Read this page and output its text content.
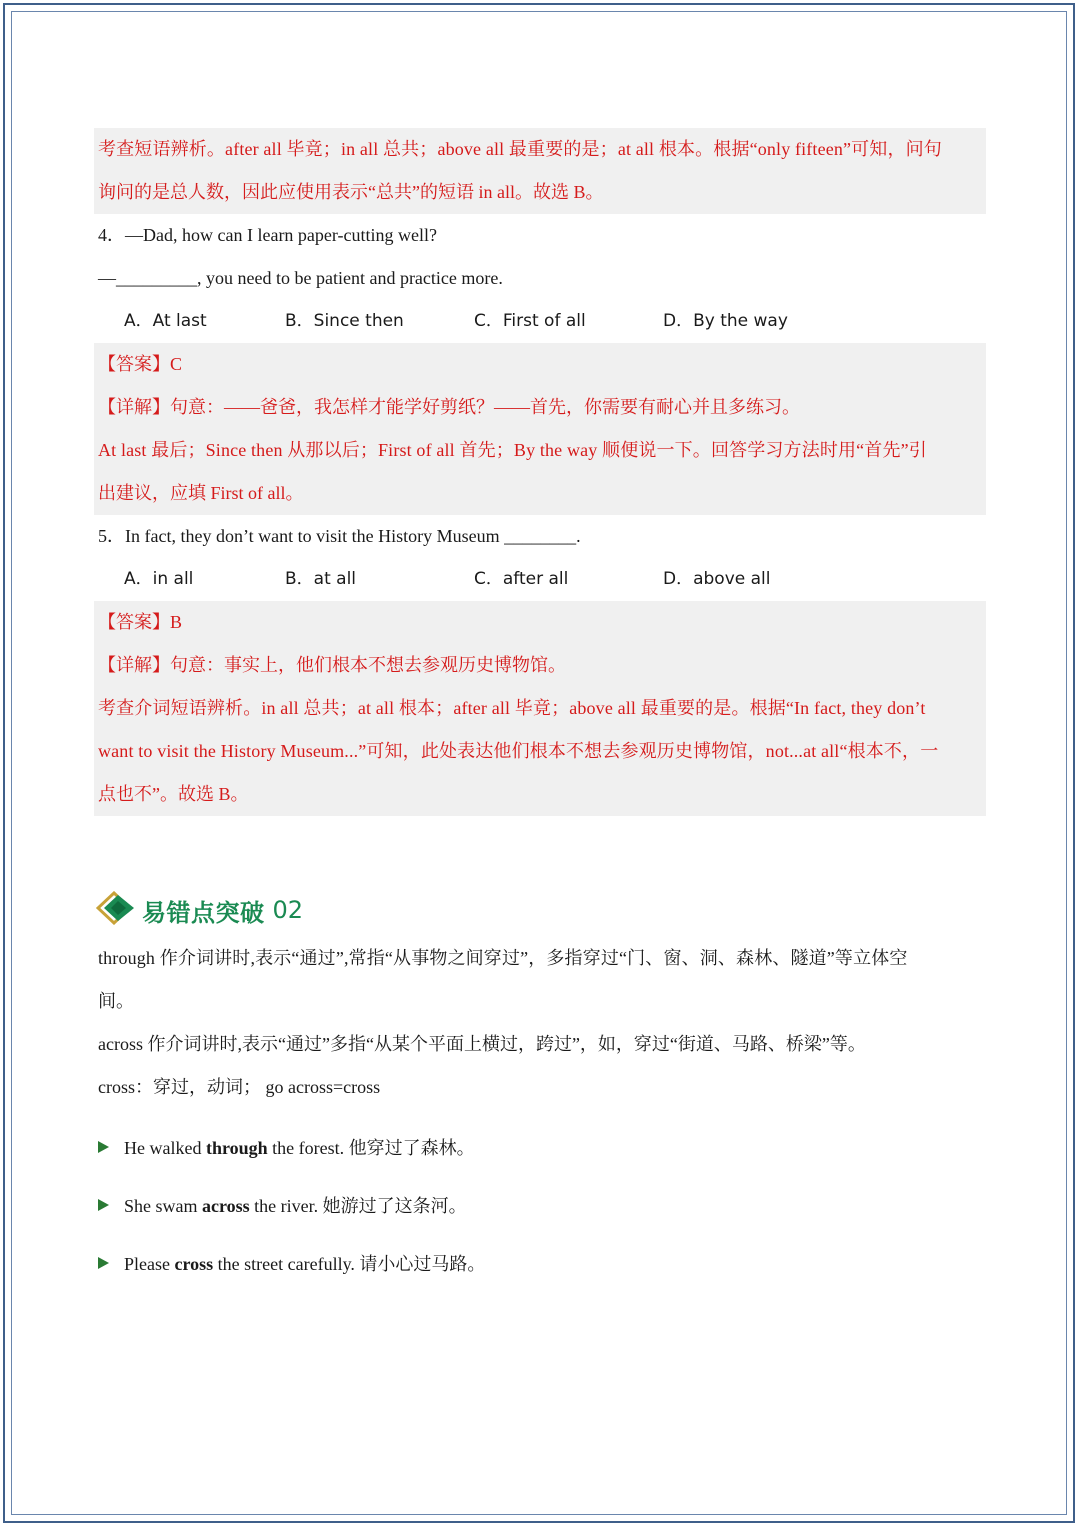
考查短语辨析。after all 毕竟；in all 总共；above all 最重要的是；at all 根本。根据“only fifteen”可知，问句
询问的是总人数，因此应使用表示“总共”的短语 in all。故选 B。
4．—Dad, how can I learn paper-cutting well?
—_________, you need to be patient and practice more.
A．At last	B．Since then	C．First of all	D．By the way
【答案】C
【详解】句意：——爸爸，我怎样才能学好剪纸？——首先，你需要有耐心并且多练习。
At last 最后；Since then 从那以后；First of all 首先；By the way 顺便说一下。回答学习方法时用“首先”引
出建议，应填 First of all。
5．In fact, they don’t want to visit the History Museum ________.
A．in all	B．at all	C．after all	D．above all
【答案】B
【详解】句意：事实上，他们根本不想去参观历史博物馆。
考查介词短语辨析。in all 总共；at all 根本；after all 毕竟；above all 最重要的是。根据“In fact, they don’t
want to visit the History Museum...”可知，此处表达他们根本不想去参观历史博物馆，not...at all“根本不，一
点也不”。故选 B。
易错点突破 02
through 作介词讲时,表示“通过”,常指“从事物之间穿过”，多指穿过“门、窗、洞、森林、隧道”等立体空
间。
across 作介词讲时,表示“通过”多指“从某个平面上横过，跨过”，如，穿过“街道、马路、桥梁”等。
cross：穿过，动词； go across=cross
He walked through the forest. 他穿过了森林。
She swam across the river. 她游过了这条河。
Please cross the street carefully. 请小心过马路。
